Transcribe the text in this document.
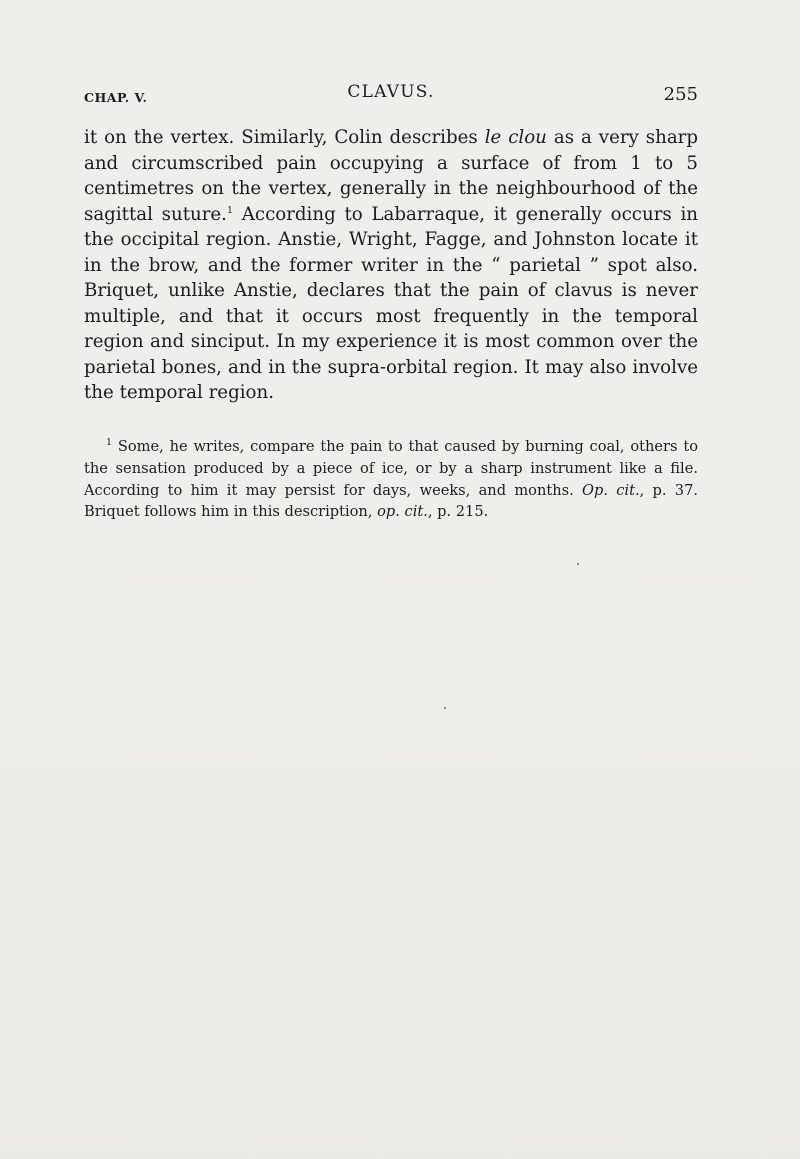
CHAP. V.	CLAVUS.	255

it on the vertex. Similarly, Colin describes le clou as a very sharp and circumscribed pain occupying a surface of from 1 to 5 centimetres on the vertex, generally in the neighbourhood of the sagittal suture.$^1$ According to Labarraque, it generally occurs in the occipital region. Anstie, Wright, Fagge, and Johnston locate it in the brow, and the former writer in the “ parietal ” spot also. Briquet, unlike Anstie, declares that the pain of clavus is never multiple, and that it occurs most frequently in the temporal region and sinciput. In my experience it is most common over the parietal bones, and in the supra-orbital region. It may also involve the temporal region.

$^1$ Some, he writes, compare the pain to that caused by burning coal, others to the sensation produced by a piece of ice, or by a sharp instrument like a file. According to him it may persist for days, weeks, and months. Op. cit., p. 37. Briquet follows him in this description, op. cit., p. 215.
